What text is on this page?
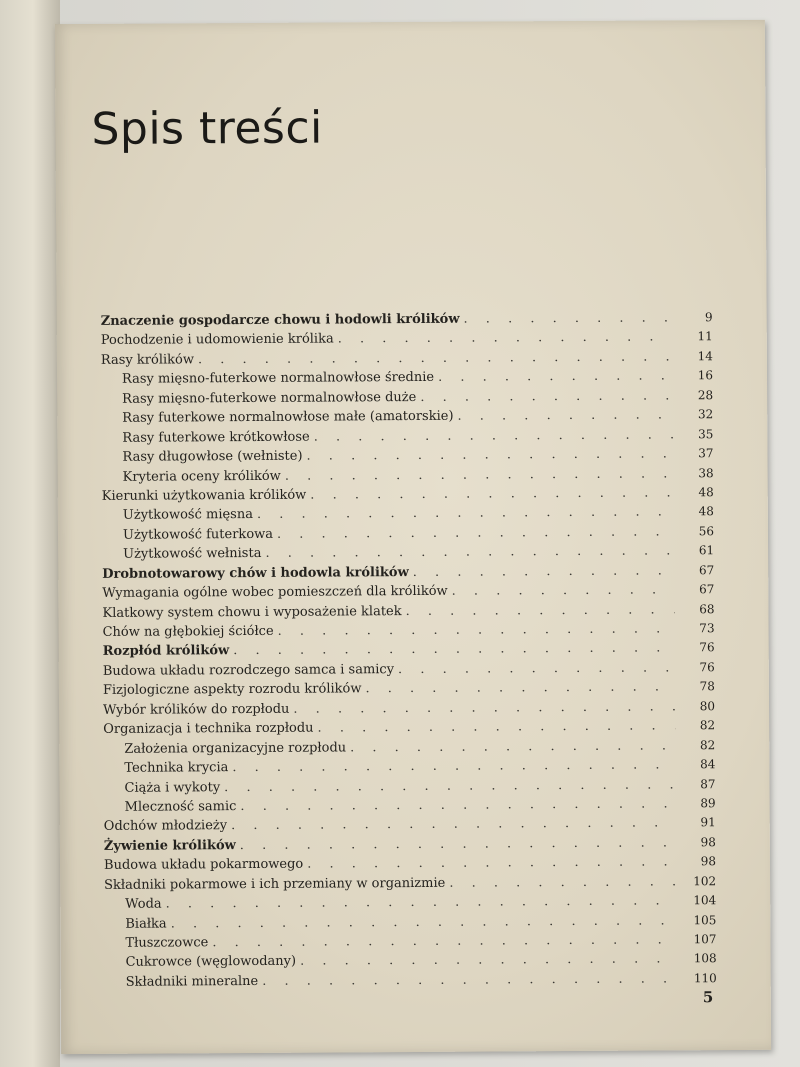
Spis treści
Znaczenie gospodarcze chowu i hodowli królików . . .	9
Pochodzenie i udomowienie królika . . .	11
Rasy królików . . .	14
Rasy mięsno-futerkowe normalnowłose średnie . . .	16
Rasy mięsno-futerkowe normalnowłose duże . . .	28
Rasy futerkowe normalnowłose małe (amatorskie) . . .	32
Rasy futerkowe krótkowłose . . .	35
Rasy długowłose (wełniste) . . .	37
Kryteria oceny królików . . .	38
Kierunki użytkowania królików . . .	48
Użytkowość mięsna . . .	48
Użytkowość futerkowa . . .	56
Użytkowość wełnista . . .	61
Drobnotowarowy chów i hodowla królików . . .	67
Wymagania ogólne wobec pomieszczeń dla królików . . .	67
Klatkowy system chowu i wyposażenie klatek . . .	68
Chów na głębokiej ściółce . . .	73
Rozpłód królików . . .	76
Budowa układu rozrodczego samca i samicy . . .	76
Fizjologiczne aspekty rozrodu królików . . .	78
Wybór królików do rozpłodu . . .	80
Organizacja i technika rozpłodu . . .	82
Założenia organizacyjne rozpłodu . . .	82
Technika krycia . . .	84
Ciąża i wykoty . . .	87
Mleczność samic . . .	89
Odchów młodzieży . . .	91
Żywienie królików . . .	98
Budowa układu pokarmowego . . .	98
Składniki pokarmowe i ich przemiany w organizmie . . .	102
Woda . . .	104
Białka . . .	105
Tłuszczowce . . .	107
Cukrowce (węglowodany) . . .	108
Składniki mineralne . . .	110
5
